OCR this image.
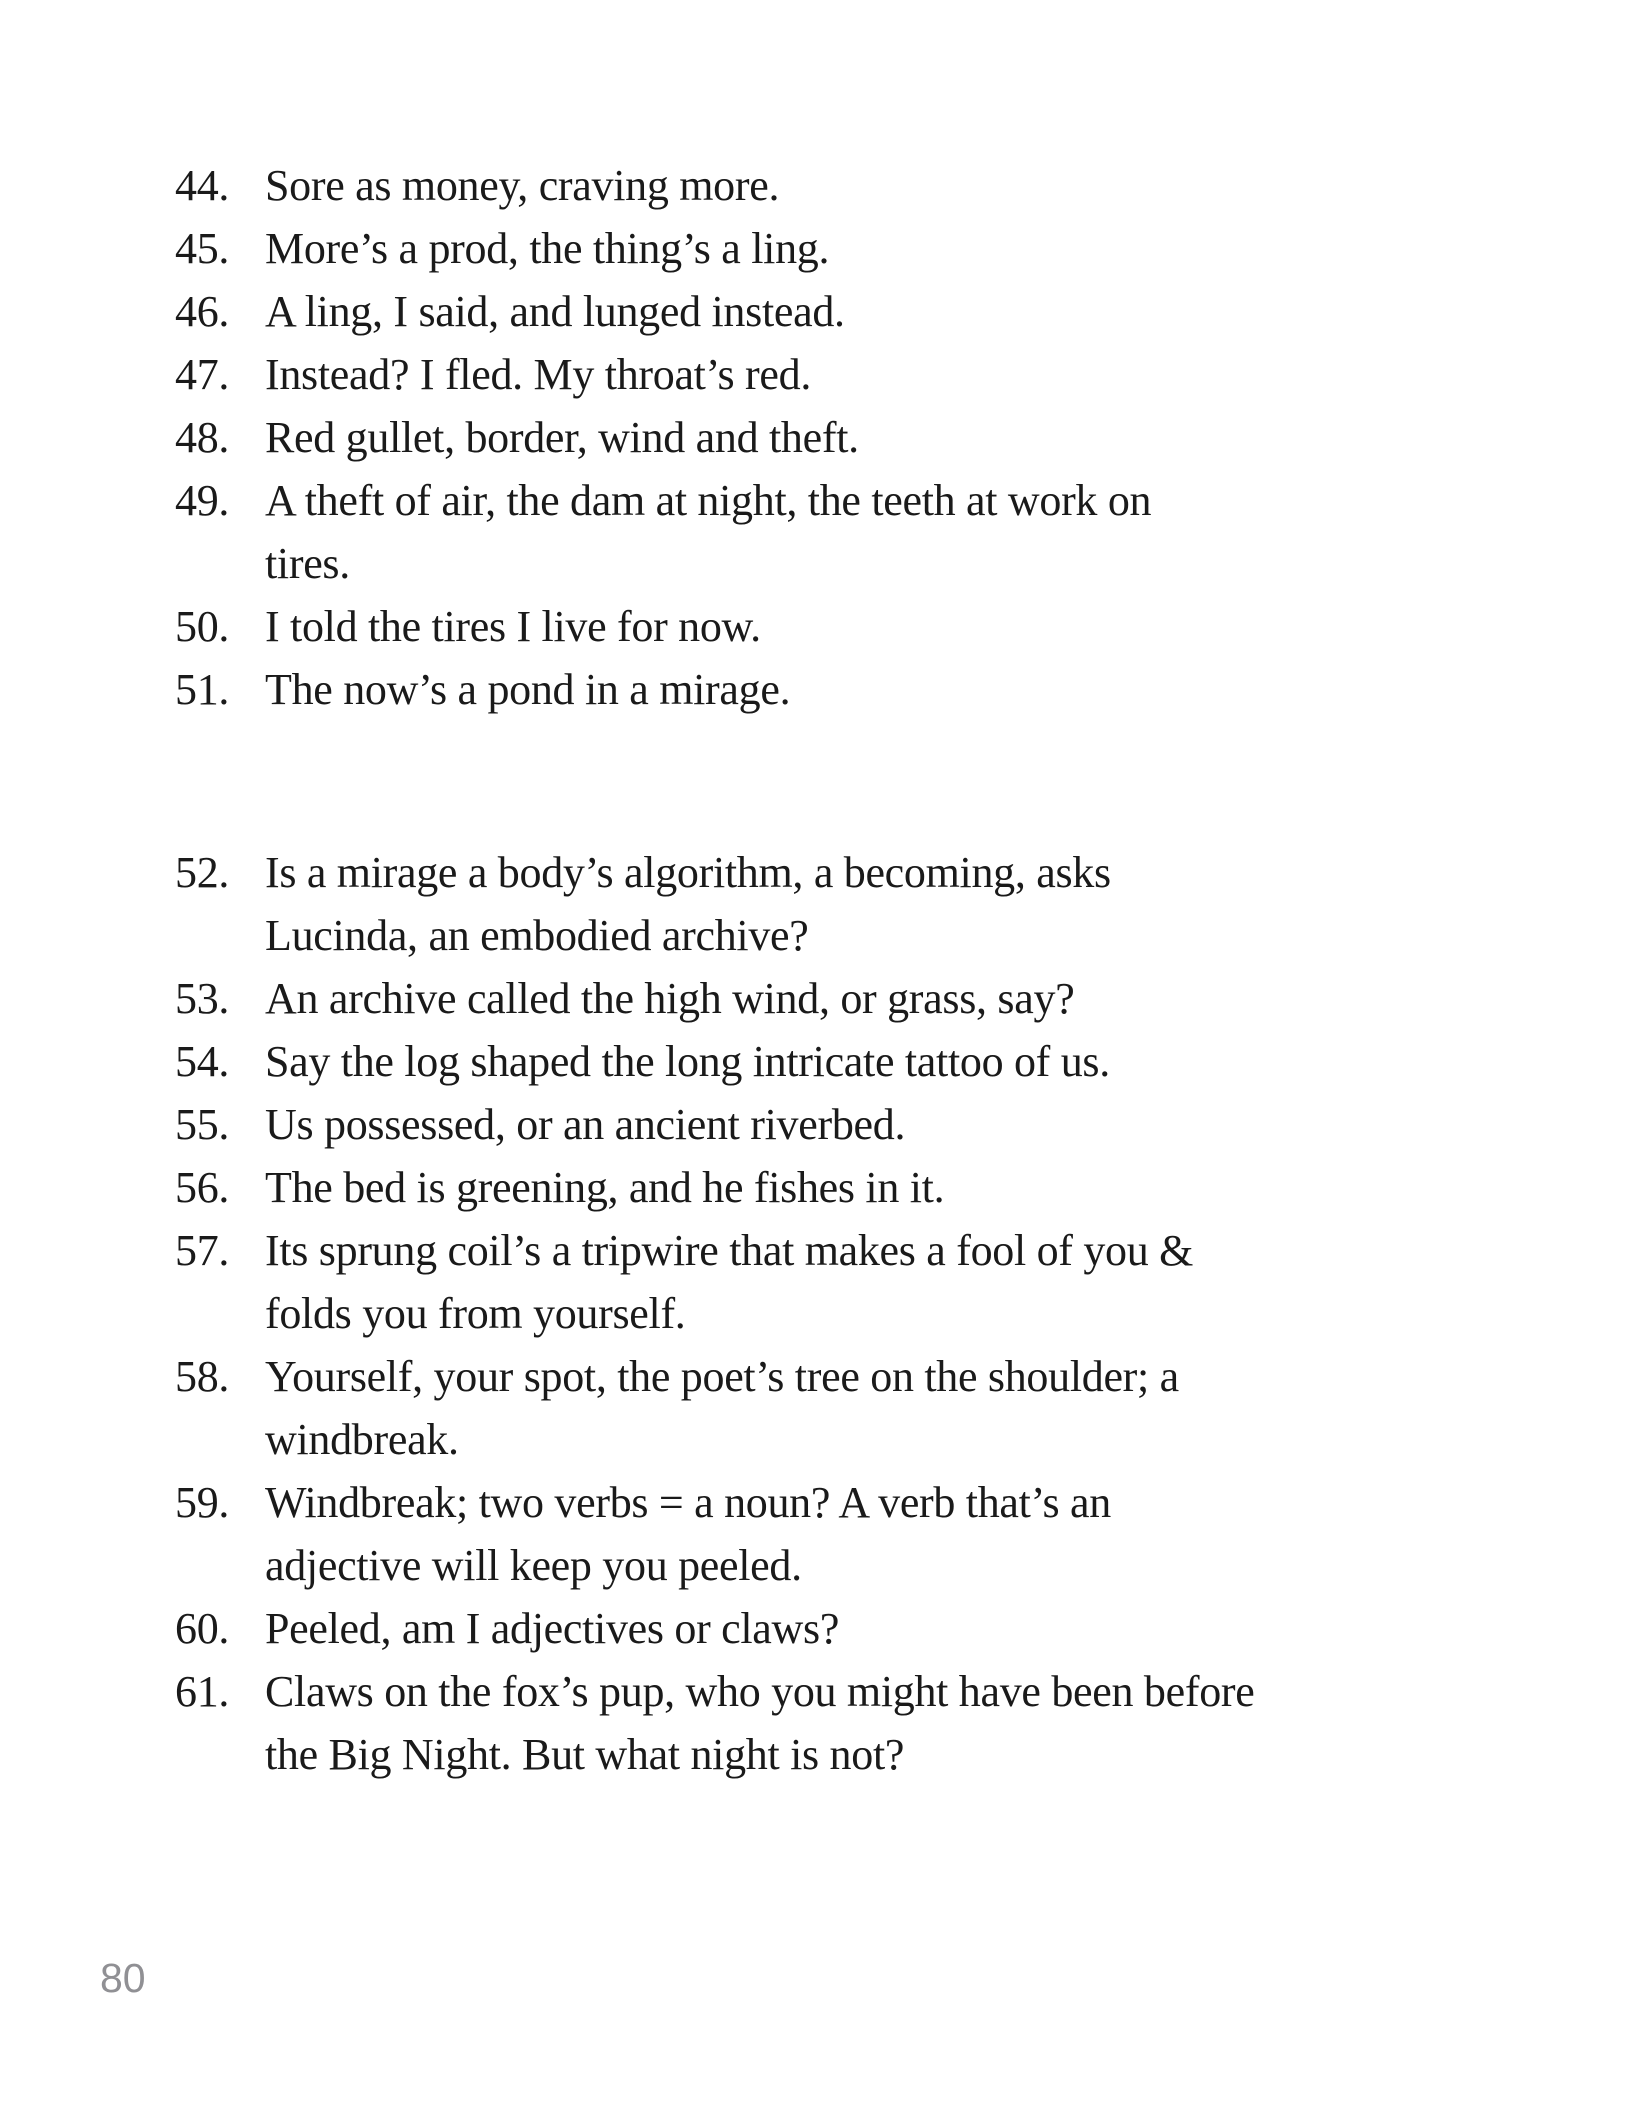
44. Sore as money, craving more.
45. More’s a prod, the thing’s a ling.
46. A ling, I said, and lunged instead.
47. Instead? I fled. My throat’s red.
48. Red gullet, border, wind and theft.
49. A theft of air, the dam at night, the teeth at work on
tires.
50. I told the tires I live for now.
51. The now’s a pond in a mirage.
52. Is a mirage a body’s algorithm, a becoming, asks
Lucinda, an embodied archive?
53. An archive called the high wind, or grass, say?
54. Say the log shaped the long intricate tattoo of us.
55. Us possessed, or an ancient riverbed.
56. The bed is greening, and he fishes in it.
57. Its sprung coil’s a tripwire that makes a fool of you &
folds you from yourself.
58. Yourself, your spot, the poet’s tree on the shoulder; a
windbreak.
59. Windbreak; two verbs = a noun? A verb that’s an
adjective will keep you peeled.
60. Peeled, am I adjectives or claws?
61. Claws on the fox’s pup, who you might have been before
the Big Night. But what night is not?
80
